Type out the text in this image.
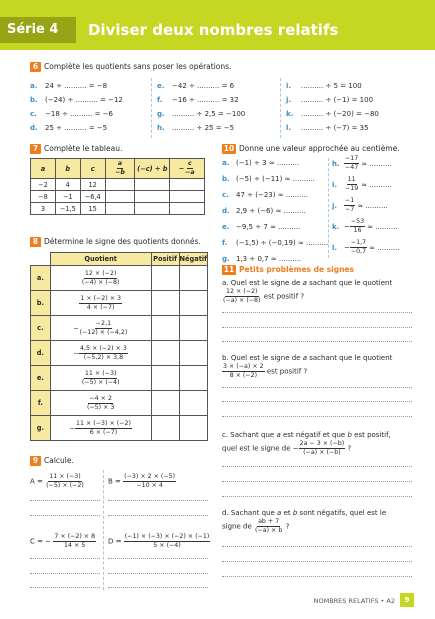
Série 4	Diviser deux nombres relatifs
6 Complète les quotients sans poser les opérations.
a. 24 ÷ .......... = −8
b. (−24) ÷ .......... = −12
c. −18 ÷ .......... = −6
d. 25 ÷ .......... = −5
e. −42 ÷ .......... = 6
f. −16 ÷ .......... = 32
g. .......... ÷ 2,5 = −100
h. .......... ÷ 25 = −5
i. .......... ÷ 5 = 100
j. .......... ÷ (−1) = 100
k. .......... ÷ (−20) = −80
l. .......... ÷ (−7) = 35
7 Complète le tableau.
a	b	c	$\frac{a}{-b}$	(−c) ÷ b	− $\frac{c}{-a}$

−2	4	12			
−8	−1	−6,4			
3	−1,5	15			
8 Détermine le signe des quotients donnés.
	Quotient	Positif	Négatif
a.	$\frac{12 \times (-2)}{(-4) \times (-8)}$

b.	$\frac{1 \times (-2) \times 3}{4 \times (-7)}$

c.	− $\frac{-2,1}{(-12) \times (-4,2)}$

d.	− $\frac{4,5 \times (-2) \times 3}{(-5,2) \times 3,8}$

e.	$\frac{11 \times (-3)}{(-5) \times (-4)}$

f.	$\frac{-4 \times 2}{(-5) \times 3}$

g.	− $\frac{11 \times (-3) \times (-2)}{6 \times (-7)}$

9 Calcule.
$A = \frac{11 \times (-3)}{(-5) \times (-2)}$	$B = \frac{(-3) \times 2 \times (-5)}{-10 \times 4}$
C = − $\frac{7 \times (-2) \times 8}{14 \times 5}$ $D = \frac{(-1) \times (-3) \times (-2) \times (-1)}{5 \times (-4)}$
10 Donne une valeur approchée au centième.
a. (−1) ÷ 3 ≈ ..........
b. (−5) ÷ (−11) ≈ ..........
c. 47 ÷ (−23) ≈ ..........
d. 2,9 ÷ (−6) ≈ ..........
e. −9,5 ÷ 7 ≈ ..........
f. (−1,5) ÷ (−0,19) ≈ ..........
g. 1,3 ÷ 0,7 ≈ ..........
h. $\frac{-17}{-47}$ ≈ ..........
i. $\frac{11}{-19}$ ≈ ..........
j. $\frac{-1}{-7}$ ≈ ..........
k. − $\frac{-53}{16}$ ≈ ..........
l. − $\frac{-1,7}{-0,7}$ ≈ ..........
11 Petits problèmes de signes
a. Quel est le signe de a sachant que le quotient

$\frac{12 \times (-2)}{(-a) \times (-8)}$ est positif ?
b. Quel est le signe de a sachant que le quotient

$\frac{3 \times (-a) \times 2}{8 \times (-2)}$ est positif ?
c. Sachant que a est négatif et que b est positif,
quel est le signe de − $\frac{2a - 3 \times (-b)}{(-a) \times (-b)}$ ?
d. Sachant que a et b sont négatifs, quel est le
signe de $\frac{ab + 7}{(-a) \times b}$ ?
NOMBRES RELATIFS • A2	9
